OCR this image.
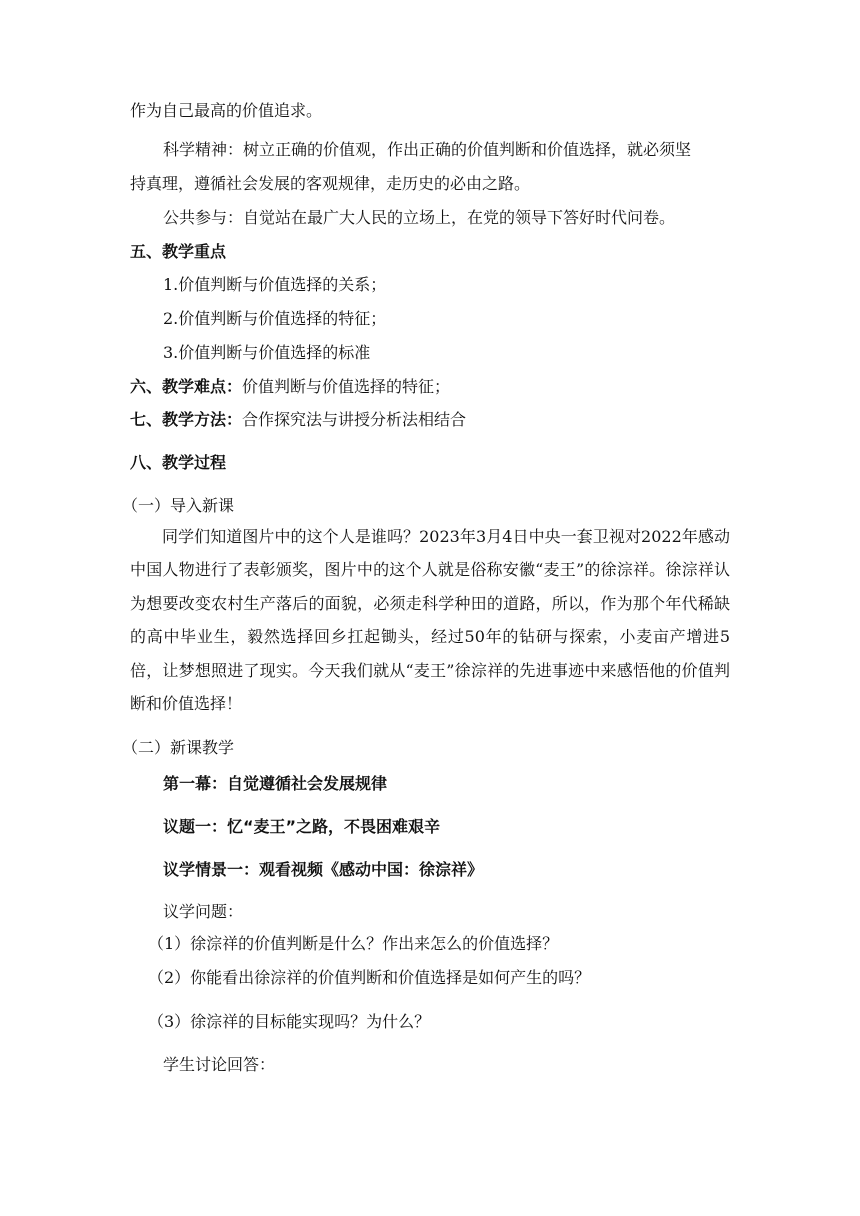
作为自己最高的价值追求。
科学精神：树立正确的价值观，作出正确的价值判断和价值选择，就必须坚
持真理，遵循社会发展的客观规律，走历史的必由之路。
公共参与：自觉站在最广大人民的立场上，在党的领导下答好时代问卷。
五、教学重点
1.价值判断与价值选择的关系；
2.价值判断与价值选择的特征；
3.价值判断与价值选择的标准
六、教学难点：价值判断与价值选择的特征；
七、教学方法：合作探究法与讲授分析法相结合
八、教学过程
（一）导入新课
同学们知道图片中的这个人是谁吗？2023年3月4日中央一套卫视对2022年感动中国人物进行了表彰颁奖，图片中的这个人就是俗称安徽“麦王”的徐淙祥。徐淙祥认为想要改变农村生产落后的面貌，必须走科学种田的道路，所以，作为那个年代稀缺的高中毕业生，毅然选择回乡扛起锄头，经过50年的钻研与探索，小麦亩产增进5倍，让梦想照进了现实。今天我们就从“麦王”徐淙祥的先进事迹中来感悟他的价值判断和价值选择！
（二）新课教学
第一幕：自觉遵循社会发展规律
议题一：忆“麦王”之路，不畏困难艰辛
议学情景一：观看视频《感动中国：徐淙祥》
议学问题：
（1）徐淙祥的价值判断是什么？作出来怎么的价值选择？
（2）你能看出徐淙祥的价值判断和价值选择是如何产生的吗？
（3）徐淙祥的目标能实现吗？为什么？
学生讨论回答：
